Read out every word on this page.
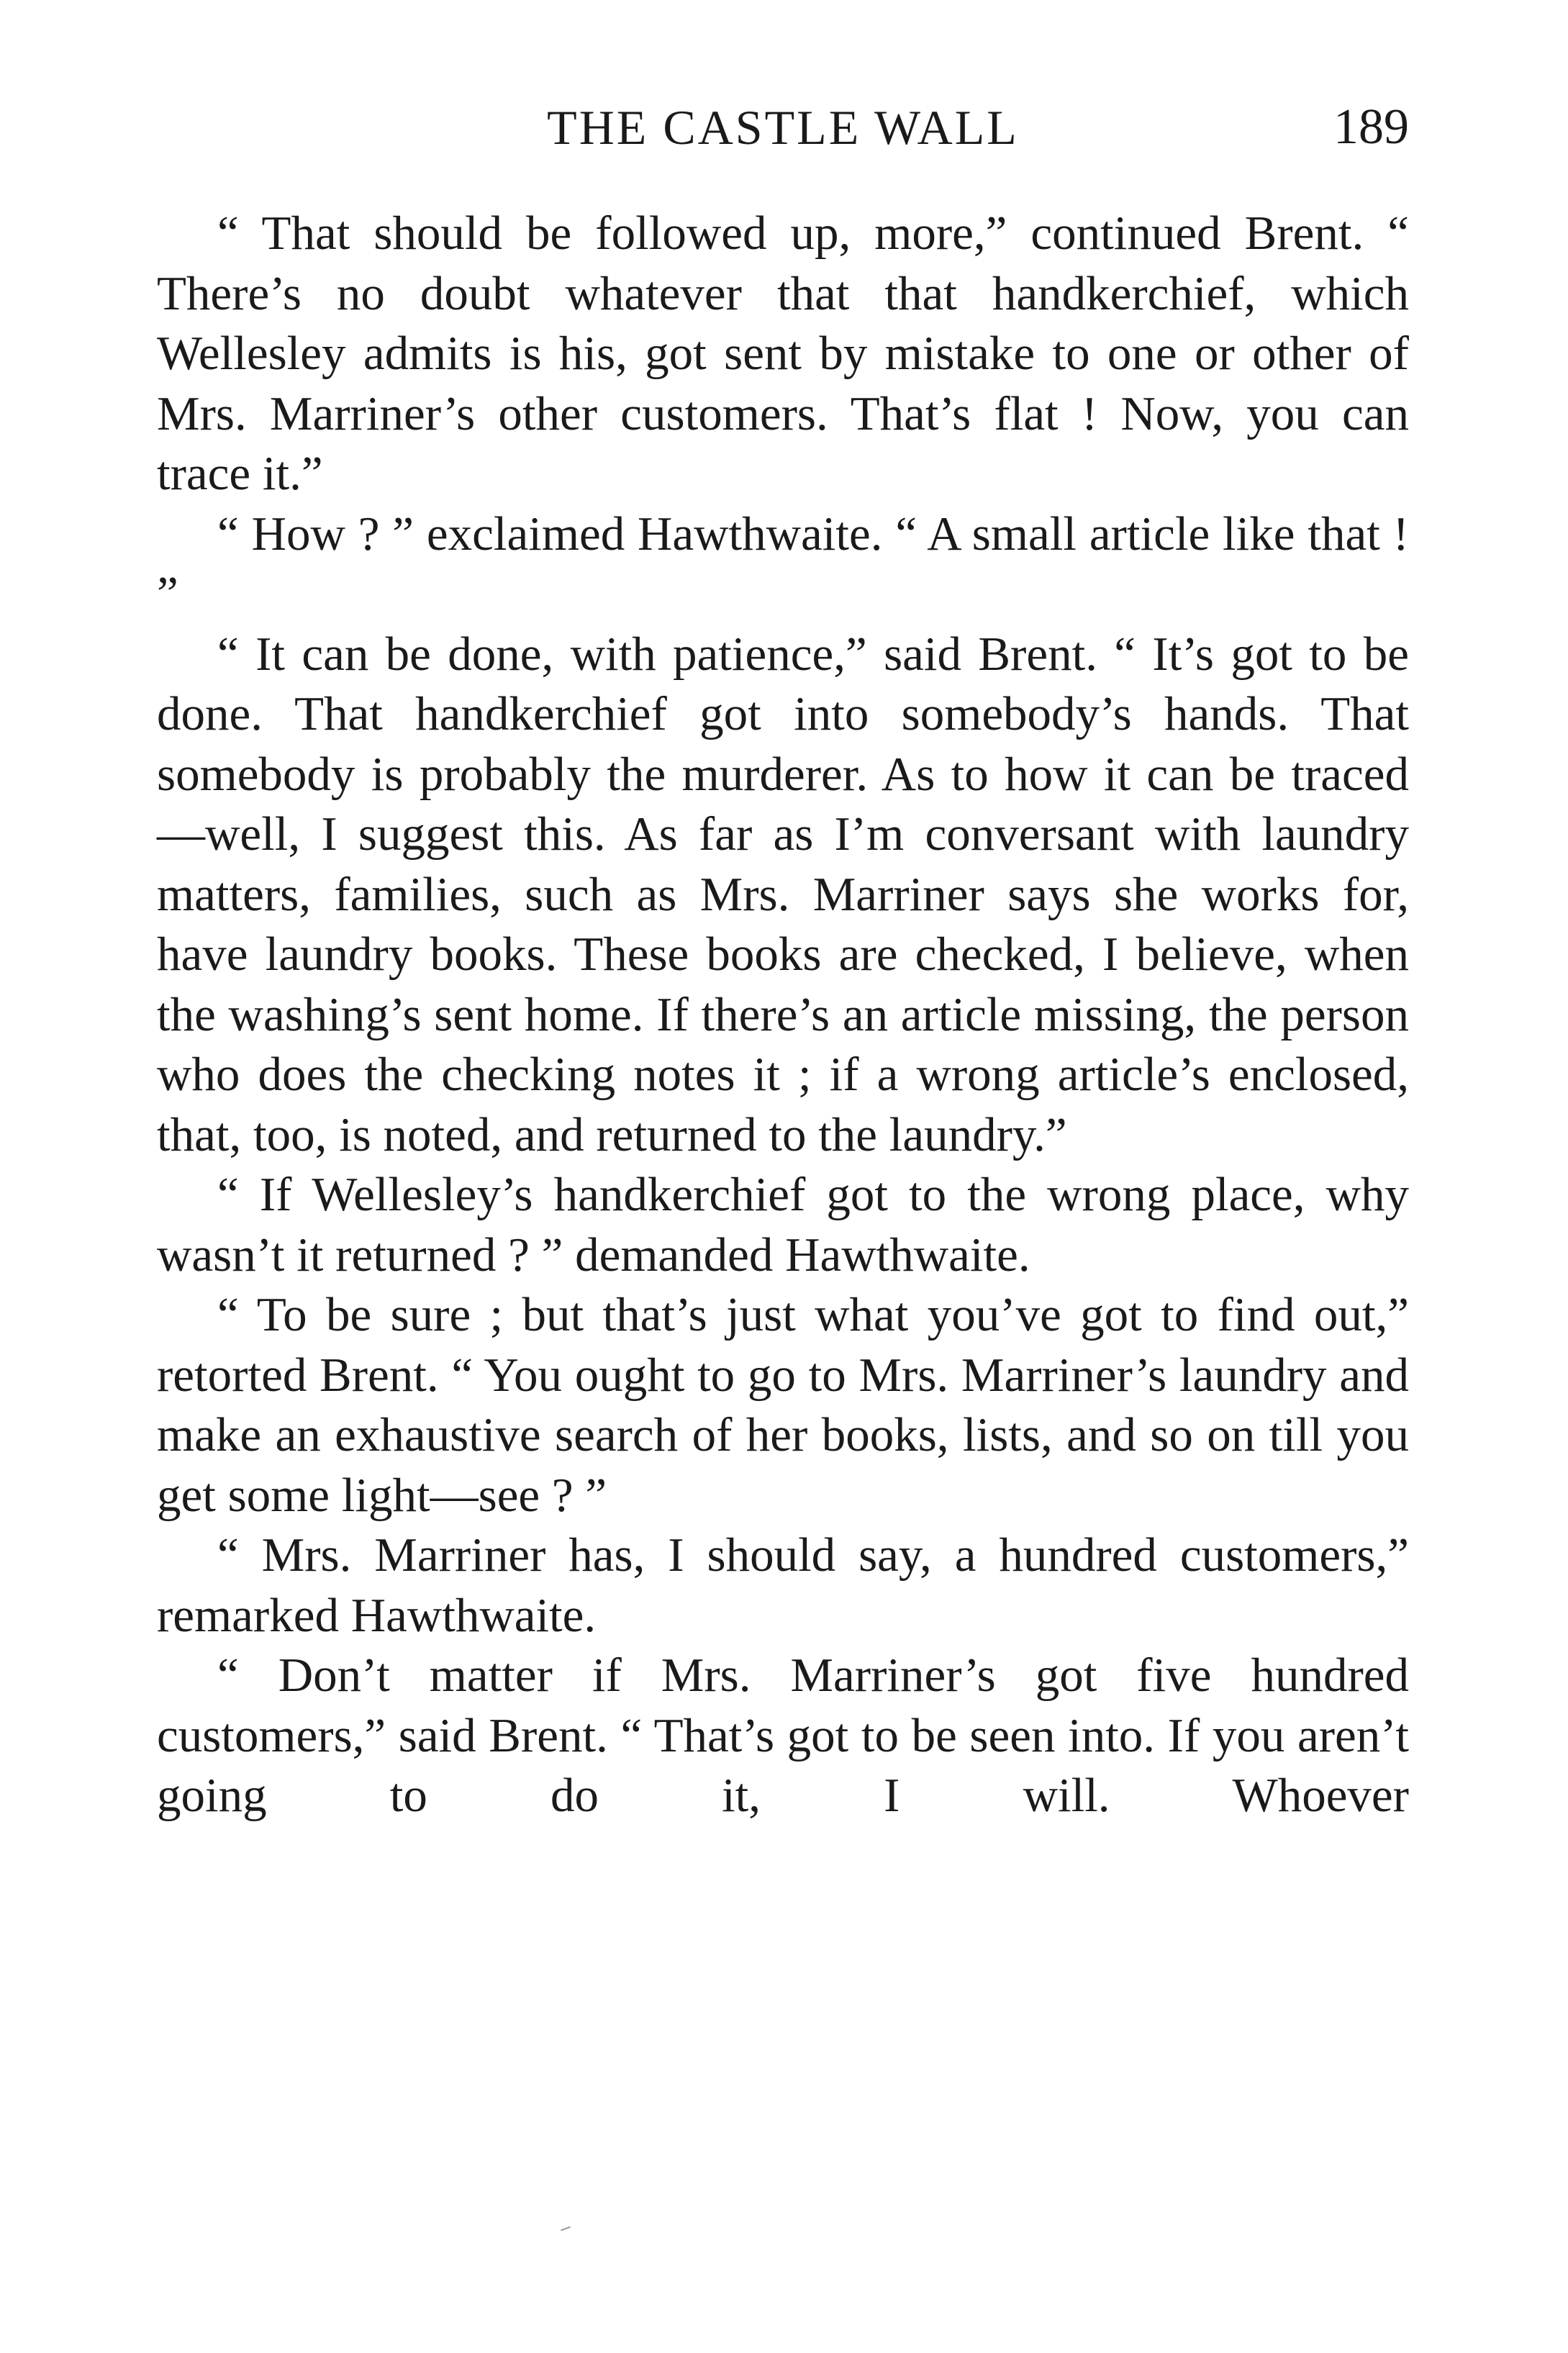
THE CASTLE WALL	189

“ That should be followed up, more,” continued Brent. “ There’s no doubt whatever that that handkerchief, which Wellesley admits is his, got sent by mistake to one or other of Mrs. Marriner’s other customers. That’s flat ! Now, you can trace it.”

“ How ? ” exclaimed Hawthwaite. “ A small article like that ! ”

“ It can be done, with patience,” said Brent. “ It’s got to be done. That handkerchief got into somebody’s hands. That somebody is probably the murderer. As to how it can be traced—well, I suggest this. As far as I’m conversant with laundry matters, families, such as Mrs. Marriner says she works for, have laundry books. These books are checked, I believe, when the washing’s sent home. If there’s an article missing, the person who does the checking notes it ; if a wrong article’s enclosed, that, too, is noted, and returned to the laundry.”

“ If Wellesley’s handkerchief got to the wrong place, why wasn’t it returned ? ” demanded Hawthwaite.

“ To be sure ; but that’s just what you’ve got to find out,” retorted Brent. “ You ought to go to Mrs. Marriner’s laundry and make an exhaustive search of her books, lists, and so on till you get some light—see ? ”

“ Mrs. Marriner has, I should say, a hundred customers,” remarked Hawthwaite.

“ Don’t matter if Mrs. Marriner’s got five hundred customers,” said Brent. “ That’s got to be seen into. If you aren’t going to do it, I will. Whoever
